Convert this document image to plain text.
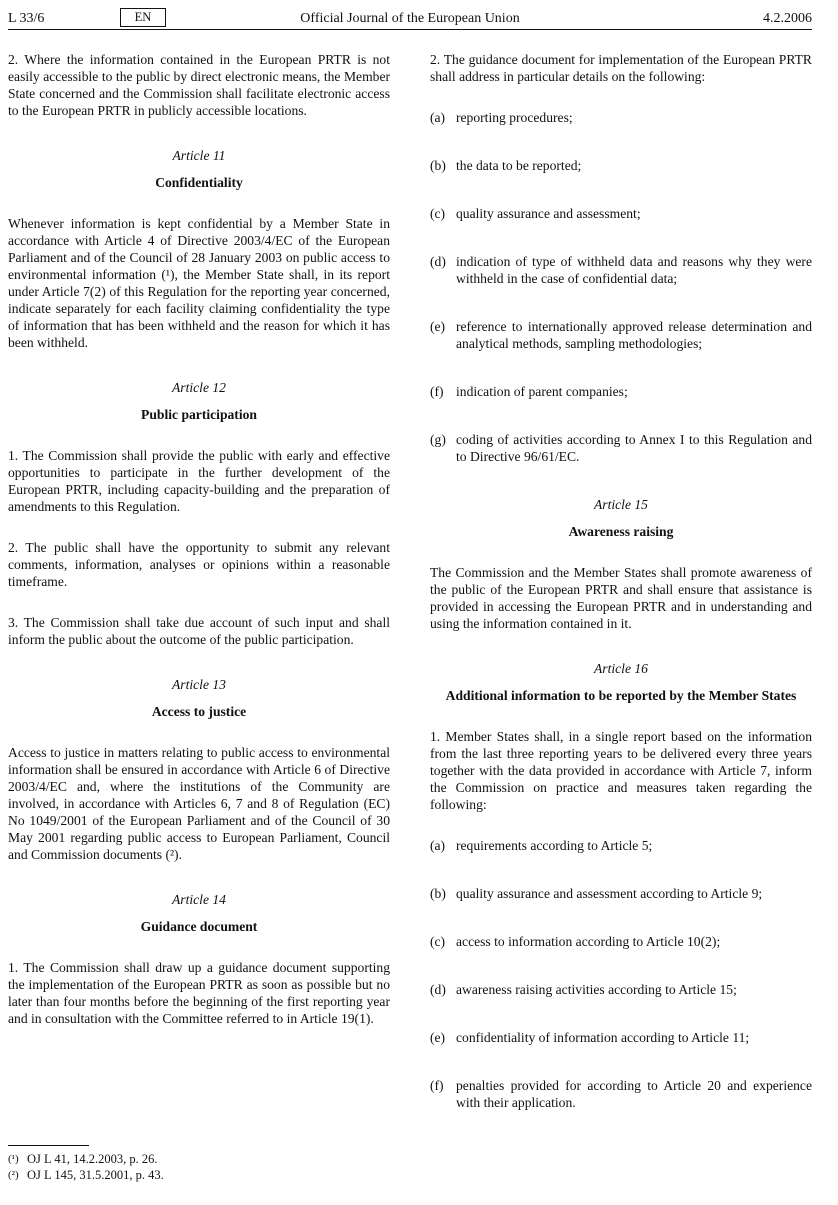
L 33/6	EN	Official Journal of the European Union	4.2.2006

2. Where the information contained in the European PRTR is not easily accessible to the public by direct electronic means, the Member State concerned and the Commission shall facilitate electronic access to the European PRTR in publicly accessible locations.

Article 11
Confidentiality

Whenever information is kept confidential by a Member State in accordance with Article 4 of Directive 2003/4/EC of the European Parliament and of the Council of 28 January 2003 on public access to environmental information (¹), the Member State shall, in its report under Article 7(2) of this Regulation for the reporting year concerned, indicate separately for each facility claiming confidentiality the type of information that has been withheld and the reason for which it has been withheld.

Article 12
Public participation

1. The Commission shall provide the public with early and effective opportunities to participate in the further development of the European PRTR, including capacity-building and the preparation of amendments to this Regulation.

2. The public shall have the opportunity to submit any relevant comments, information, analyses or opinions within a reasonable timeframe.

3. The Commission shall take due account of such input and shall inform the public about the outcome of the public participation.

Article 13
Access to justice

Access to justice in matters relating to public access to environmental information shall be ensured in accordance with Article 6 of Directive 2003/4/EC and, where the institutions of the Community are involved, in accordance with Articles 6, 7 and 8 of Regulation (EC) No 1049/2001 of the European Parliament and of the Council of 30 May 2001 regarding public access to European Parliament, Council and Commission documents (²).

Article 14
Guidance document

1. The Commission shall draw up a guidance document supporting the implementation of the European PRTR as soon as possible but no later than four months before the beginning of the first reporting year and in consultation with the Committee referred to in Article 19(1).

(¹) OJ L 41, 14.2.2003, p. 26.
(²) OJ L 145, 31.5.2001, p. 43.

2. The guidance document for implementation of the European PRTR shall address in particular details on the following:

(a) reporting procedures;
(b) the data to be reported;
(c) quality assurance and assessment;
(d) indication of type of withheld data and reasons why they were withheld in the case of confidential data;
(e) reference to internationally approved release determination and analytical methods, sampling methodologies;
(f) indication of parent companies;
(g) coding of activities according to Annex I to this Regulation and to Directive 96/61/EC.
Article 15
Awareness raising

The Commission and the Member States shall promote awareness of the public of the European PRTR and shall ensure that assistance is provided in accessing the European PRTR and in understanding and using the information contained in it.

Article 16
Additional information to be reported by the Member States

1. Member States shall, in a single report based on the information from the last three reporting years to be delivered every three years together with the data provided in accordance with Article 7, inform the Commission on practice and measures taken regarding the following:

(a) requirements according to Article 5;
(b) quality assurance and assessment according to Article 9;
(c) access to information according to Article 10(2);
(d) awareness raising activities according to Article 15;
(e) confidentiality of information according to Article 11;
(f) penalties provided for according to Article 20 and experience with their application.
